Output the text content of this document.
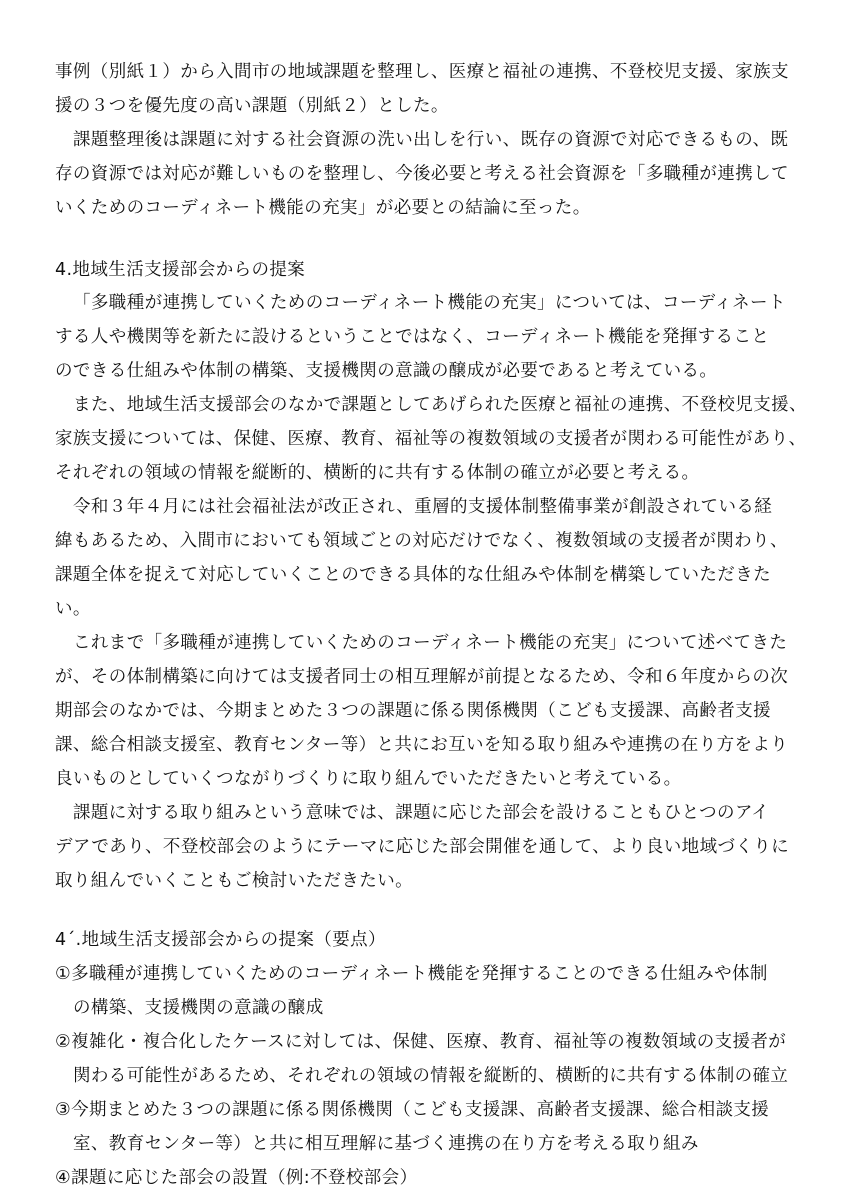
事例（別紙１）から入間市の地域課題を整理し、医療と福祉の連携、不登校児支援、家族支
援の３つを優先度の高い課題（別紙２）とした。
課題整理後は課題に対する社会資源の洗い出しを行い、既存の資源で対応できるもの、既
存の資源では対応が難しいものを整理し、今後必要と考える社会資源を「多職種が連携して
いくためのコーディネート機能の充実」が必要との結論に至った。
4.地域生活支援部会からの提案
「多職種が連携していくためのコーディネート機能の充実」については、コーディネート
する人や機関等を新たに設けるということではなく、コーディネート機能を発揮すること
のできる仕組みや体制の構築、支援機関の意識の醸成が必要であると考えている。
また、地域生活支援部会のなかで課題としてあげられた医療と福祉の連携、不登校児支援、
家族支援については、保健、医療、教育、福祉等の複数領域の支援者が関わる可能性があり、
それぞれの領域の情報を縦断的、横断的に共有する体制の確立が必要と考える。
令和３年４月には社会福祉法が改正され、重層的支援体制整備事業が創設されている経
緯もあるため、入間市においても領域ごとの対応だけでなく、複数領域の支援者が関わり、
課題全体を捉えて対応していくことのできる具体的な仕組みや体制を構築していただきた
い。
これまで「多職種が連携していくためのコーディネート機能の充実」について述べてきた
が、その体制構築に向けては支援者同士の相互理解が前提となるため、令和６年度からの次
期部会のなかでは、今期まとめた３つの課題に係る関係機関（こども支援課、高齢者支援
課、総合相談支援室、教育センター等）と共にお互いを知る取り組みや連携の在り方をより
良いものとしていくつながりづくりに取り組んでいただきたいと考えている。
課題に対する取り組みという意味では、課題に応じた部会を設けることもひとつのアイ
デアであり、不登校部会のようにテーマに応じた部会開催を通して、より良い地域づくりに
取り組んでいくこともご検討いただきたい。
4´.地域生活支援部会からの提案（要点）
①多職種が連携していくためのコーディネート機能を発揮することのできる仕組みや体制
の構築、支援機関の意識の醸成
②複雑化・複合化したケースに対しては、保健、医療、教育、福祉等の複数領域の支援者が
関わる可能性があるため、それぞれの領域の情報を縦断的、横断的に共有する体制の確立
③今期まとめた３つの課題に係る関係機関（こども支援課、高齢者支援課、総合相談支援
室、教育センター等）と共に相互理解に基づく連携の在り方を考える取り組み
④課題に応じた部会の設置（例:不登校部会）
